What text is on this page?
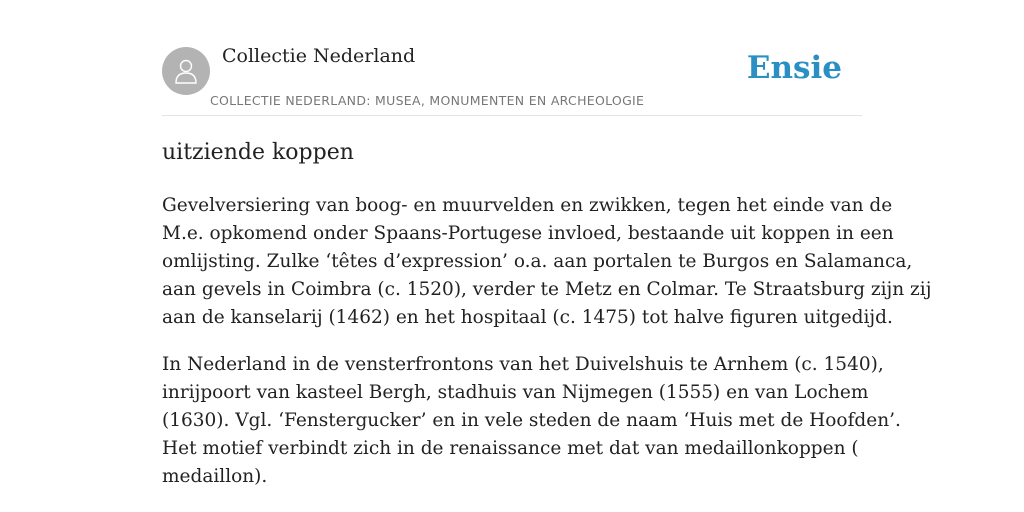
Collectie Nederland
COLLECTIE NEDERLAND: MUSEA, MONUMENTEN EN ARCHEOLOGIE
Ensie
uitziende koppen

Gevelversiering van boog- en muurvelden en zwikken, tegen het einde van de
M.e. opkomend onder Spaans-Portugese invloed, bestaande uit koppen in een
omlijsting. Zulke ‘têtes d’expression’ o.a. aan portalen te Burgos en Salamanca,
aan gevels in Coimbra (c. 1520), verder te Metz en Colmar. Te Straatsburg zijn zij
aan de kanselarij (1462) en het hospitaal (c. 1475) tot halve figuren uitgedijd.

In Nederland in de vensterfrontons van het Duivelshuis te Arnhem (c. 1540),
inrijpoort van kasteel Bergh, stadhuis van Nijmegen (1555) en van Lochem
(1630). Vgl. ‘Fenstergucker’ en in vele steden de naam ‘Huis met de Hoofden’.
Het motief verbindt zich in de renaissance met dat van medaillonkoppen (
medaillon).
